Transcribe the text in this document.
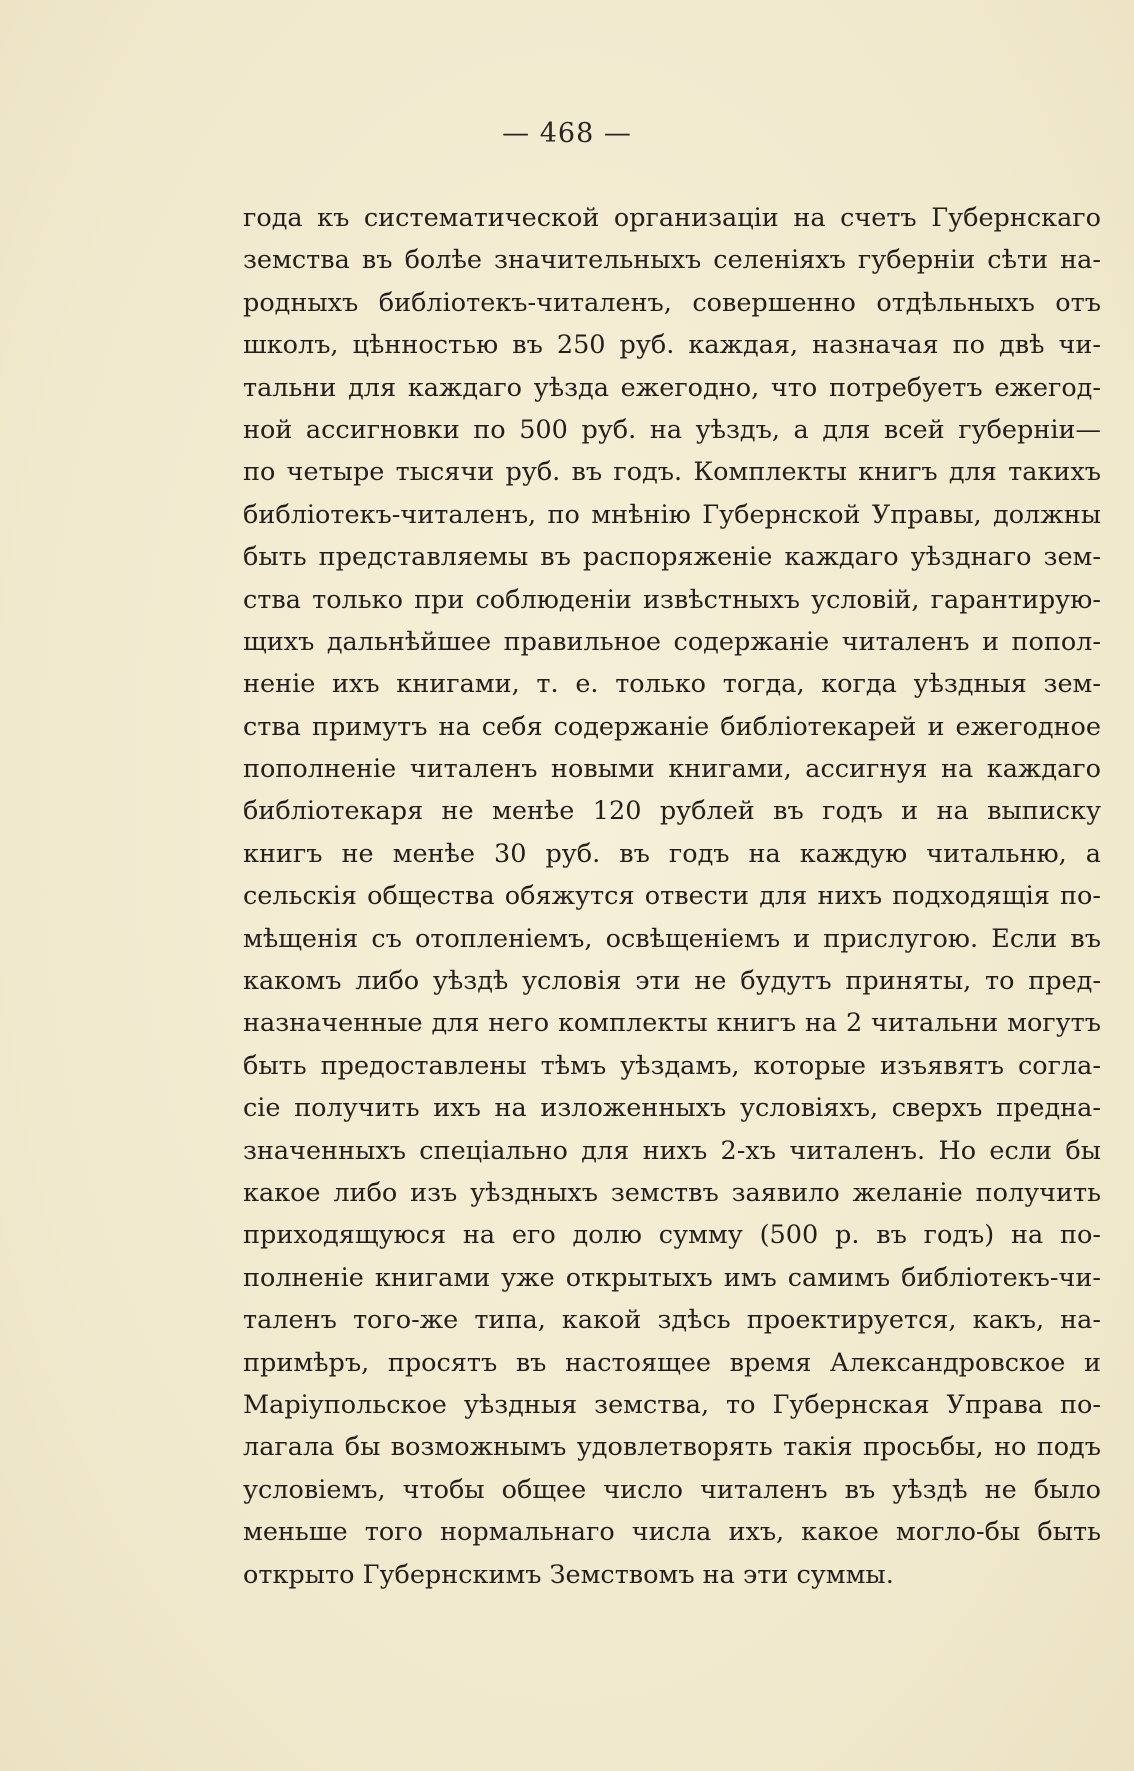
— 468 —
года къ систематической организаціи на счетъ Губернскаго
земства въ болѣе значительныхъ селеніяхъ губерніи сѣти на-
родныхъ библіотекъ-читаленъ, совершенно отдѣльныхъ отъ
школъ, цѣнностью въ 250 руб. каждая, назначая по двѣ чи-
тальни для каждаго уѣзда ежегодно, что потребуетъ ежегод-
ной ассигновки по 500 руб. на уѣздъ, а для всей губерніи—
по четыре тысячи руб. въ годъ. Комплекты книгъ для такихъ
библіотекъ-читаленъ, по мнѣнію Губернской Управы, должны
быть представляемы въ распоряженіе каждаго уѣзднаго зем-
ства только при соблюденіи извѣстныхъ условій, гарантирую-
щихъ дальнѣйшее правильное содержаніе читаленъ и попол-
неніе ихъ книгами, т. е. только тогда, когда уѣздныя зем-
ства примутъ на себя содержаніе библіотекарей и ежегодное
пополненіе читаленъ новыми книгами, ассигнуя на каждаго
библіотекаря не менѣе 120 рублей въ годъ и на выписку
книгъ не менѣе 30 руб. въ годъ на каждую читальню, а
сельскія общества обяжутся отвести для нихъ подходящія по-
мѣщенія съ отопленіемъ, освѣщеніемъ и прислугою. Если въ
какомъ либо уѣздѣ условія эти не будутъ приняты, то пред-
назначенные для него комплекты книгъ на 2 читальни могутъ
быть предоставлены тѣмъ уѣздамъ, которые изъявятъ согла-
сіе получить ихъ на изложенныхъ условіяхъ, сверхъ предна-
значенныхъ спеціально для нихъ 2-хъ читаленъ. Но если бы
какое либо изъ уѣздныхъ земствъ заявило желаніе получить
приходящуюся на его долю сумму (500 р. въ годъ) на по-
полненіе книгами уже открытыхъ имъ самимъ библіотекъ-чи-
таленъ того-же типа, какой здѣсь проектируется, какъ, на-
примѣръ, просятъ въ настоящее время Александровское и
Маріупольское уѣздныя земства, то Губернская Управа по-
лагала бы возможнымъ удовлетворять такія просьбы, но подъ
условіемъ, чтобы общее число читаленъ въ уѣздѣ не было
меньше того нормальнаго числа ихъ, какое могло-бы быть
открыто Губернскимъ Земствомъ на эти суммы.
